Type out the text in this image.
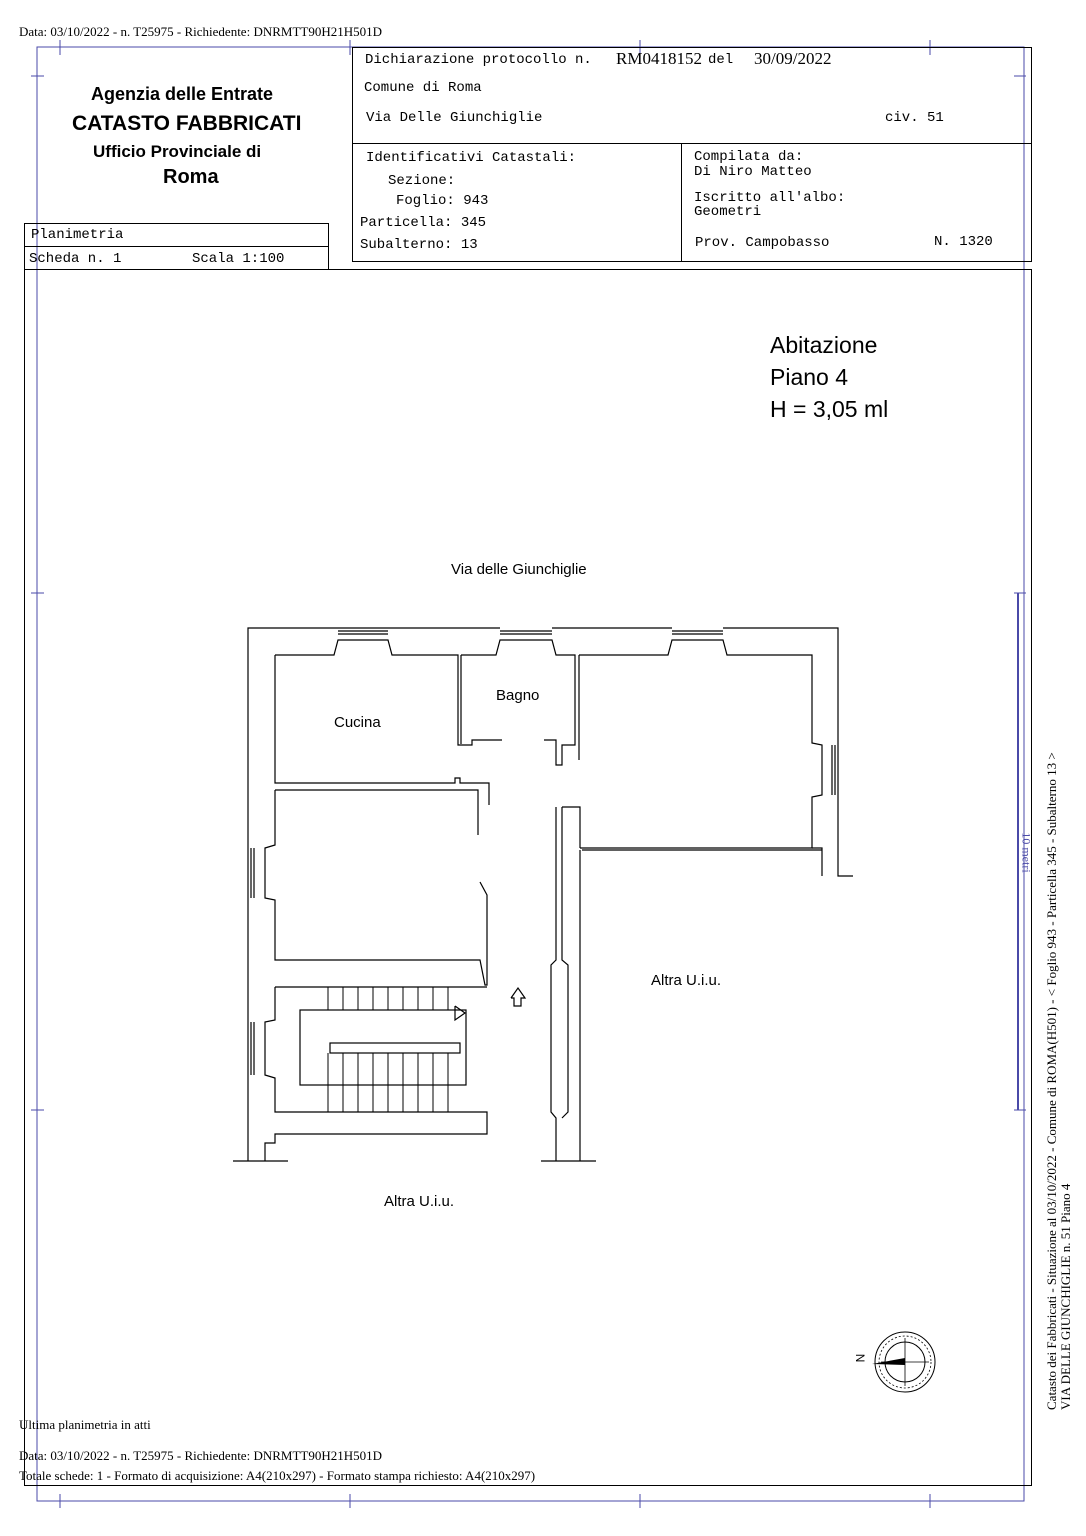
Data: 03/10/2022 - n. T25975 - Richiedente: DNRMTT90H21H501D
Agenzia delle Entrate
CATASTO FABBRICATI
Ufficio Provinciale di
Roma
Dichiarazione protocollo n. RM0418152 del 30/09/2022
Comune di Roma
Via Delle Giunchiglie	civ. 51
Identificativi Catastali:
Sezione:
Foglio: 943
Particella: 345
Subalterno: 13
Compilata da:
Di Niro Matteo
Iscritto all'albo:
Geometri
Prov. Campobasso	N. 1320
Planimetria
Scheda n. 1	Scala 1:100
Abitazione
Piano 4
H = 3,05 ml
Via delle Giunchiglie
Bagno
Cucina
Altra U.i.u.
Altra U.i.u.
N
10 metri Catasto dei Fabbricati - Situazione al 03/10/2022 - Comune di ROMA(H501) - < Foglio 943 - Particella 345 - Subalterno 13 > VIA DELLE GIUNCHIGLIE n. 51 Piano 4
Ultima planimetria in atti
Data: 03/10/2022 - n. T25975 - Richiedente: DNRMTT90H21H501D
Totale schede: 1 - Formato di acquisizione: A4(210x297) - Formato stampa richiesto: A4(210x297)
